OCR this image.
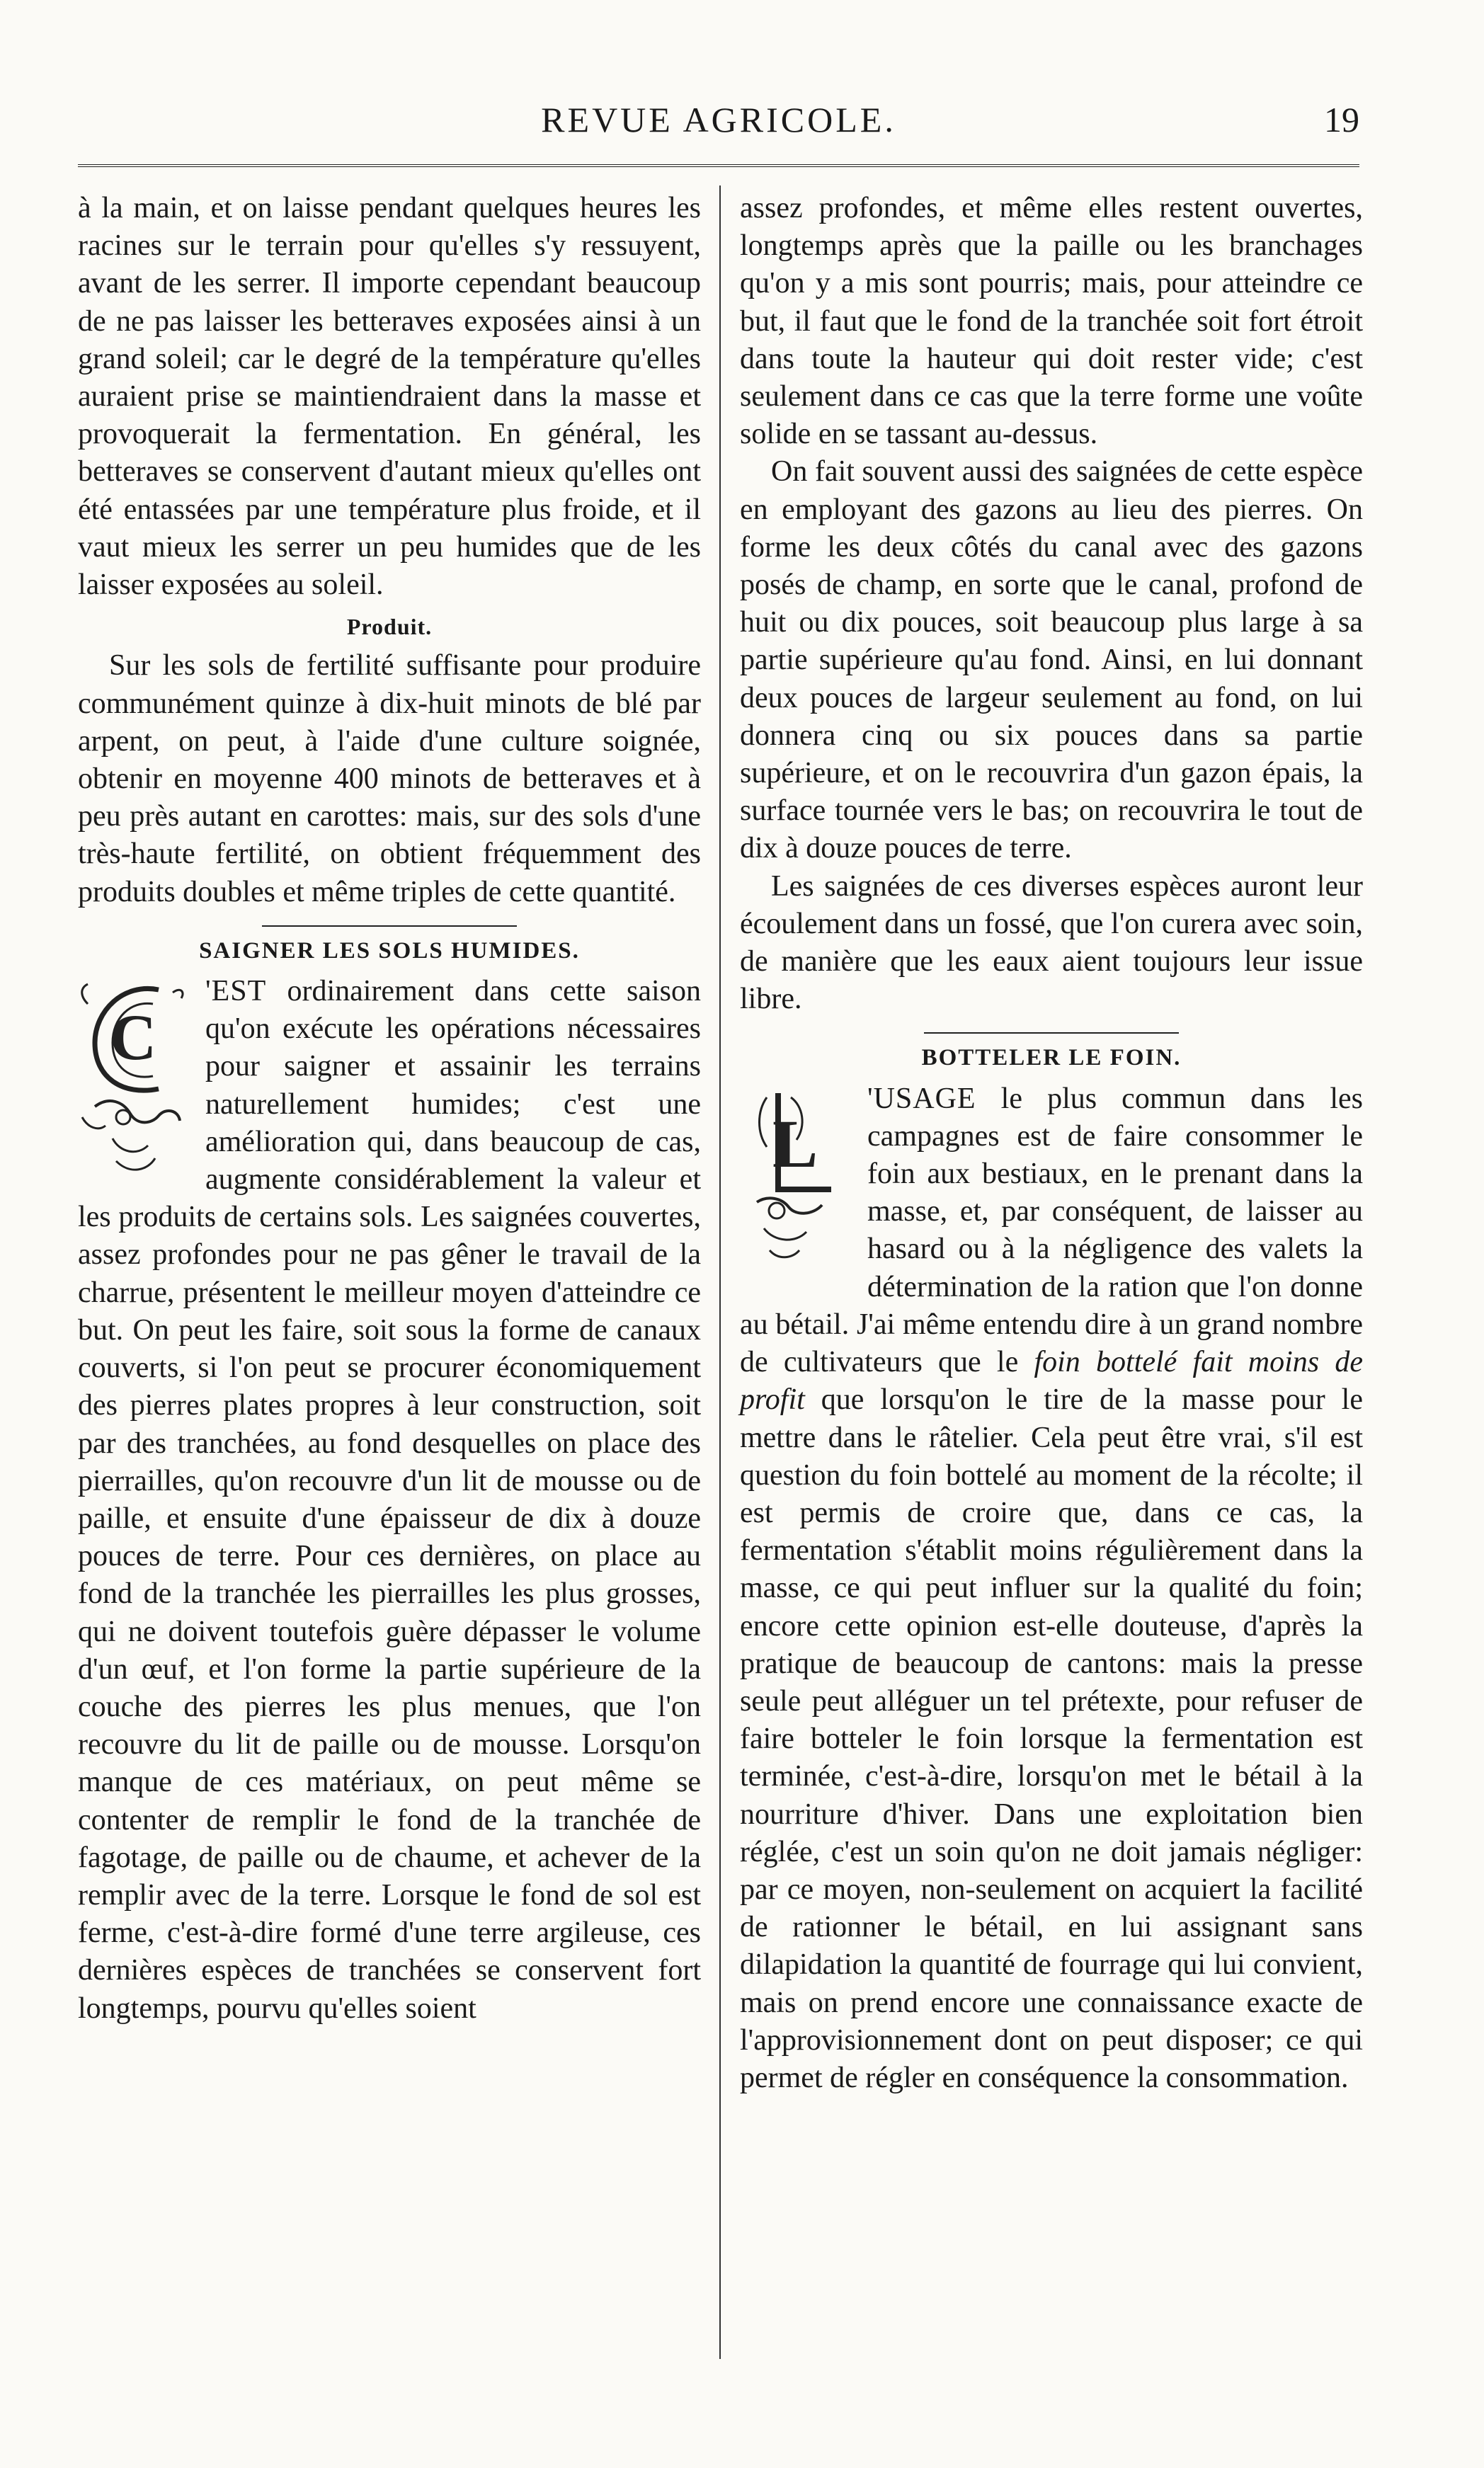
REVUE AGRICOLE.	19

à la main, et on laisse pendant quelques heures les racines sur le terrain pour qu'elles s'y ressuyent, avant de les serrer. Il importe cependant beaucoup de ne pas laisser les betteraves exposées ainsi à un grand soleil; car le degré de la température qu'elles auraient prise se maintiendraient dans la masse et provoquerait la fermentation. En général, les betteraves se conservent d'autant mieux qu'elles ont été entassées par une température plus froide, et il vaut mieux les serrer un peu humides que de les laisser exposées au soleil.

Produit.

Sur les sols de fertilité suffisante pour produire communément quinze à dix-huit minots de blé par arpent, on peut, à l'aide d'une culture soignée, obtenir en moyenne 400 minots de betteraves et à peu près autant en carottes: mais, sur des sols d'une très-haute fertilité, on obtient fréquemment des produits doubles et même triples de cette quantité.

SAIGNER LES SOLS HUMIDES.
C

'EST ordinairement dans cette saison qu'on exécute les opérations nécessaires pour saigner et assainir les terrains naturellement humides; c'est une amélioration qui, dans beaucoup de cas, augmente considérablement la valeur et les produits de certains sols. Les saignées couvertes, assez profondes pour ne pas gêner le travail de la charrue, présentent le meilleur moyen d'atteindre ce but. On peut les faire, soit sous la forme de canaux couverts, si l'on peut se procurer économiquement des pierres plates propres à leur construction, soit par des tranchées, au fond desquelles on place des pierrailles, qu'on recouvre d'un lit de mousse ou de paille, et ensuite d'une épaisseur de dix à douze pouces de terre. Pour ces dernières, on place au fond de la tranchée les pierrailles les plus grosses, qui ne doivent toutefois guère dépasser le volume d'un œuf, et l'on forme la partie supérieure de la couche des pierres les plus menues, que l'on recouvre du lit de paille ou de mousse. Lorsqu'on manque de ces matériaux, on peut même se contenter de remplir le fond de la tranchée de fagotage, de paille ou de chaume, et achever de la remplir avec de la terre. Lorsque le fond de sol est ferme, c'est-à-dire formé d'une terre argileuse, ces dernières espèces de tranchées se conservent fort longtemps, pourvu qu'elles soient

assez profondes, et même elles restent ouvertes, longtemps après que la paille ou les branchages qu'on y a mis sont pourris; mais, pour atteindre ce but, il faut que le fond de la tranchée soit fort étroit dans toute la hauteur qui doit rester vide; c'est seulement dans ce cas que la terre forme une voûte solide en se tassant au-dessus.

On fait souvent aussi des saignées de cette espèce en employant des gazons au lieu des pierres. On forme les deux côtés du canal avec des gazons posés de champ, en sorte que le canal, profond de huit ou dix pouces, soit beaucoup plus large à sa partie supérieure qu'au fond. Ainsi, en lui donnant deux pouces de largeur seulement au fond, on lui donnera cinq ou six pouces dans sa partie supérieure, et on le recouvrira d'un gazon épais, la surface tournée vers le bas; on recouvrira le tout de dix à douze pouces de terre.

Les saignées de ces diverses espèces auront leur écoulement dans un fossé, que l'on curera avec soin, de manière que les eaux aient toujours leur issue libre.

BOTTELER LE FOIN.
L

'USAGE le plus commun dans les campagnes est de faire consommer le foin aux bestiaux, en le prenant dans la masse, et, par conséquent, de laisser au hasard ou à la négligence des valets la détermination de la ration que l'on donne au bétail. J'ai même entendu dire à un grand nombre de cultivateurs que le foin bottelé fait moins de profit que lorsqu'on le tire de la masse pour le mettre dans le râtelier. Cela peut être vrai, s'il est question du foin bottelé au moment de la récolte; il est permis de croire que, dans ce cas, la fermentation s'établit moins régulièrement dans la masse, ce qui peut influer sur la qualité du foin; encore cette opinion est-elle douteuse, d'après la pratique de beaucoup de cantons: mais la presse seule peut alléguer un tel prétexte, pour refuser de faire botteler le foin lorsque la fermentation est terminée, c'est-à-dire, lorsqu'on met le bétail à la nourriture d'hiver. Dans une exploitation bien réglée, c'est un soin qu'on ne doit jamais négliger: par ce moyen, non-seulement on acquiert la facilité de rationner le bétail, en lui assignant sans dilapidation la quantité de fourrage qui lui convient, mais on prend encore une connaissance exacte de l'approvisionnement dont on peut disposer; ce qui permet de régler en conséquence la consommation.
